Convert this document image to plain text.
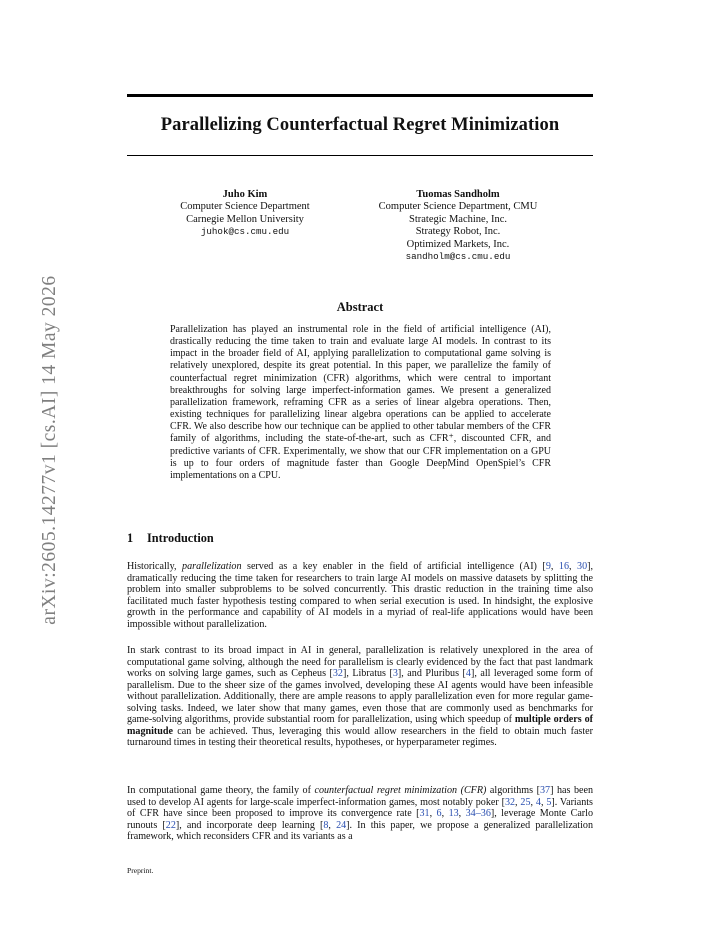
arXiv:2605.14277v1 [cs.AI] 14 May 2026
Parallelizing Counterfactual Regret Minimization
Juho Kim
Computer Science Department
Carnegie Mellon University
juhok@cs.cmu.edu
Tuomas Sandholm
Computer Science Department, CMU
Strategic Machine, Inc.
Strategy Robot, Inc.
Optimized Markets, Inc.
sandholm@cs.cmu.edu
Abstract
Parallelization has played an instrumental role in the field of artificial intelligence (AI), drastically reducing the time taken to train and evaluate large AI models. In contrast to its impact in the broader field of AI, applying parallelization to computational game solving is relatively unexplored, despite its great potential. In this paper, we parallelize the family of counterfactual regret minimization (CFR) algorithms, which were central to important breakthroughs for solving large imperfect-information games. We present a generalized parallelization framework, reframing CFR as a series of linear algebra operations. Then, existing techniques for parallelizing linear algebra operations can be applied to accelerate CFR. We also describe how our technique can be applied to other tabular members of the CFR family of algorithms, including the state-of-the-art, such as CFR⁺, discounted CFR, and predictive variants of CFR. Experimentally, we show that our CFR implementation on a GPU is up to four orders of magnitude faster than Google DeepMind OpenSpiel’s CFR implementations on a CPU.
1 Introduction
Historically, parallelization served as a key enabler in the field of artificial intelligence (AI) [9, 16, 30], dramatically reducing the time taken for researchers to train large AI models on massive datasets by splitting the problem into smaller subproblems to be solved concurrently. This drastic reduction in the training time also facilitated much faster hypothesis testing compared to when serial execution is used. In hindsight, the explosive growth in the performance and capability of AI models in a myriad of real-life applications would have been impossible without parallelization.
In stark contrast to its broad impact in AI in general, parallelization is relatively unexplored in the area of computational game solving, although the need for parallelism is clearly evidenced by the fact that past landmark works on solving large games, such as Cepheus [32], Libratus [3], and Pluribus [4], all leveraged some form of parallelism. Due to the sheer size of the games involved, developing these AI agents would have been infeasible without parallelization. Additionally, there are ample reasons to apply parallelization even for more regular game-solving tasks. Indeed, we later show that many games, even those that are commonly used as benchmarks for game-solving algorithms, provide substantial room for parallelization, using which speedup of multiple orders of magnitude can be achieved. Thus, leveraging this would allow researchers in the field to obtain much faster turnaround times in testing their theoretical results, hypotheses, or hyperparameter regimes.
In computational game theory, the family of counterfactual regret minimization (CFR) algorithms [37] has been used to develop AI agents for large-scale imperfect-information games, most notably poker [32, 25, 4, 5]. Variants of CFR have since been proposed to improve its convergence rate [31, 6, 13, 34–36], leverage Monte Carlo runouts [22], and incorporate deep learning [8, 24]. In this paper, we propose a generalized parallelization framework, which reconsiders CFR and its variants as a
Preprint.
